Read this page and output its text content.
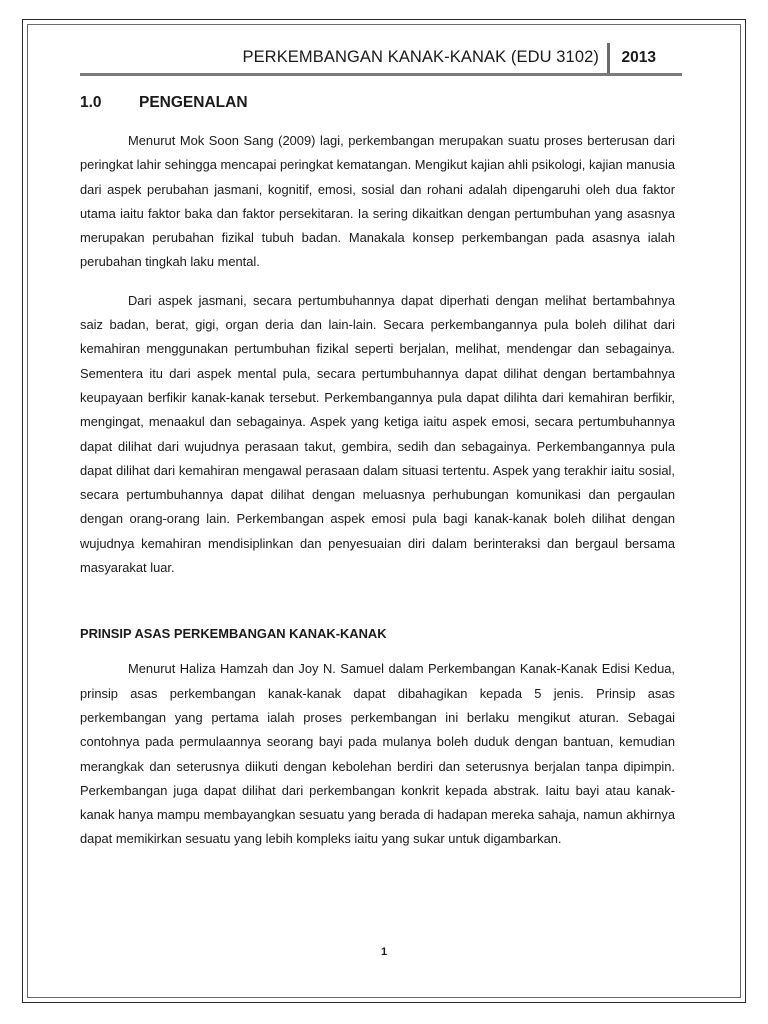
PERKEMBANGAN KANAK-KANAK (EDU 3102) 2013
1.0 PENGENALAN

Menurut Mok Soon Sang (2009) lagi, perkembangan merupakan suatu proses berterusan dari peringkat lahir sehingga mencapai peringkat kematangan. Mengikut kajian ahli psikologi, kajian manusia dari aspek perubahan jasmani, kognitif, emosi, sosial dan rohani adalah dipengaruhi oleh dua faktor utama iaitu faktor baka dan faktor persekitaran. Ia sering dikaitkan dengan pertumbuhan yang asasnya merupakan perubahan fizikal tubuh badan. Manakala konsep perkembangan pada asasnya ialah perubahan tingkah laku mental.

Dari aspek jasmani, secara pertumbuhannya dapat diperhati dengan melihat bertambahnya saiz badan, berat, gigi, organ deria dan lain-lain. Secara perkembangannya pula boleh dilihat dari kemahiran menggunakan pertumbuhan fizikal seperti berjalan, melihat, mendengar dan sebagainya. Sementera itu dari aspek mental pula, secara pertumbuhannya dapat dilihat dengan bertambahnya keupayaan berfikir kanak-kanak tersebut. Perkembangannya pula dapat dilihta dari kemahiran berfikir, mengingat, menaakul dan sebagainya. Aspek yang ketiga iaitu aspek emosi, secara pertumbuhannya dapat dilihat dari wujudnya perasaan takut, gembira, sedih dan sebagainya. Perkembangannya pula dapat dilihat dari kemahiran mengawal perasaan dalam situasi tertentu. Aspek yang terakhir iaitu sosial, secara pertumbuhannya dapat dilihat dengan meluasnya perhubungan komunikasi dan pergaulan dengan orang-orang lain. Perkembangan aspek emosi pula bagi kanak-kanak boleh dilihat dengan wujudnya kemahiran mendisiplinkan dan penyesuaian diri dalam berinteraksi dan bergaul bersama masyarakat luar.

PRINSIP ASAS PERKEMBANGAN KANAK-KANAK

Menurut Haliza Hamzah dan Joy N. Samuel dalam Perkembangan Kanak-Kanak Edisi Kedua, prinsip asas perkembangan kanak-kanak dapat dibahagikan kepada 5 jenis. Prinsip asas perkembangan yang pertama ialah proses perkembangan ini berlaku mengikut aturan. Sebagai contohnya pada permulaannya seorang bayi pada mulanya boleh duduk dengan bantuan, kemudian merangkak dan seterusnya diikuti dengan kebolehan berdiri dan seterusnya berjalan tanpa dipimpin. Perkembangan juga dapat dilihat dari perkembangan konkrit kepada abstrak. Iaitu bayi atau kanak-kanak hanya mampu membayangkan sesuatu yang berada di hadapan mereka sahaja, namun akhirnya dapat memikirkan sesuatu yang lebih kompleks iaitu yang sukar untuk digambarkan.

1
